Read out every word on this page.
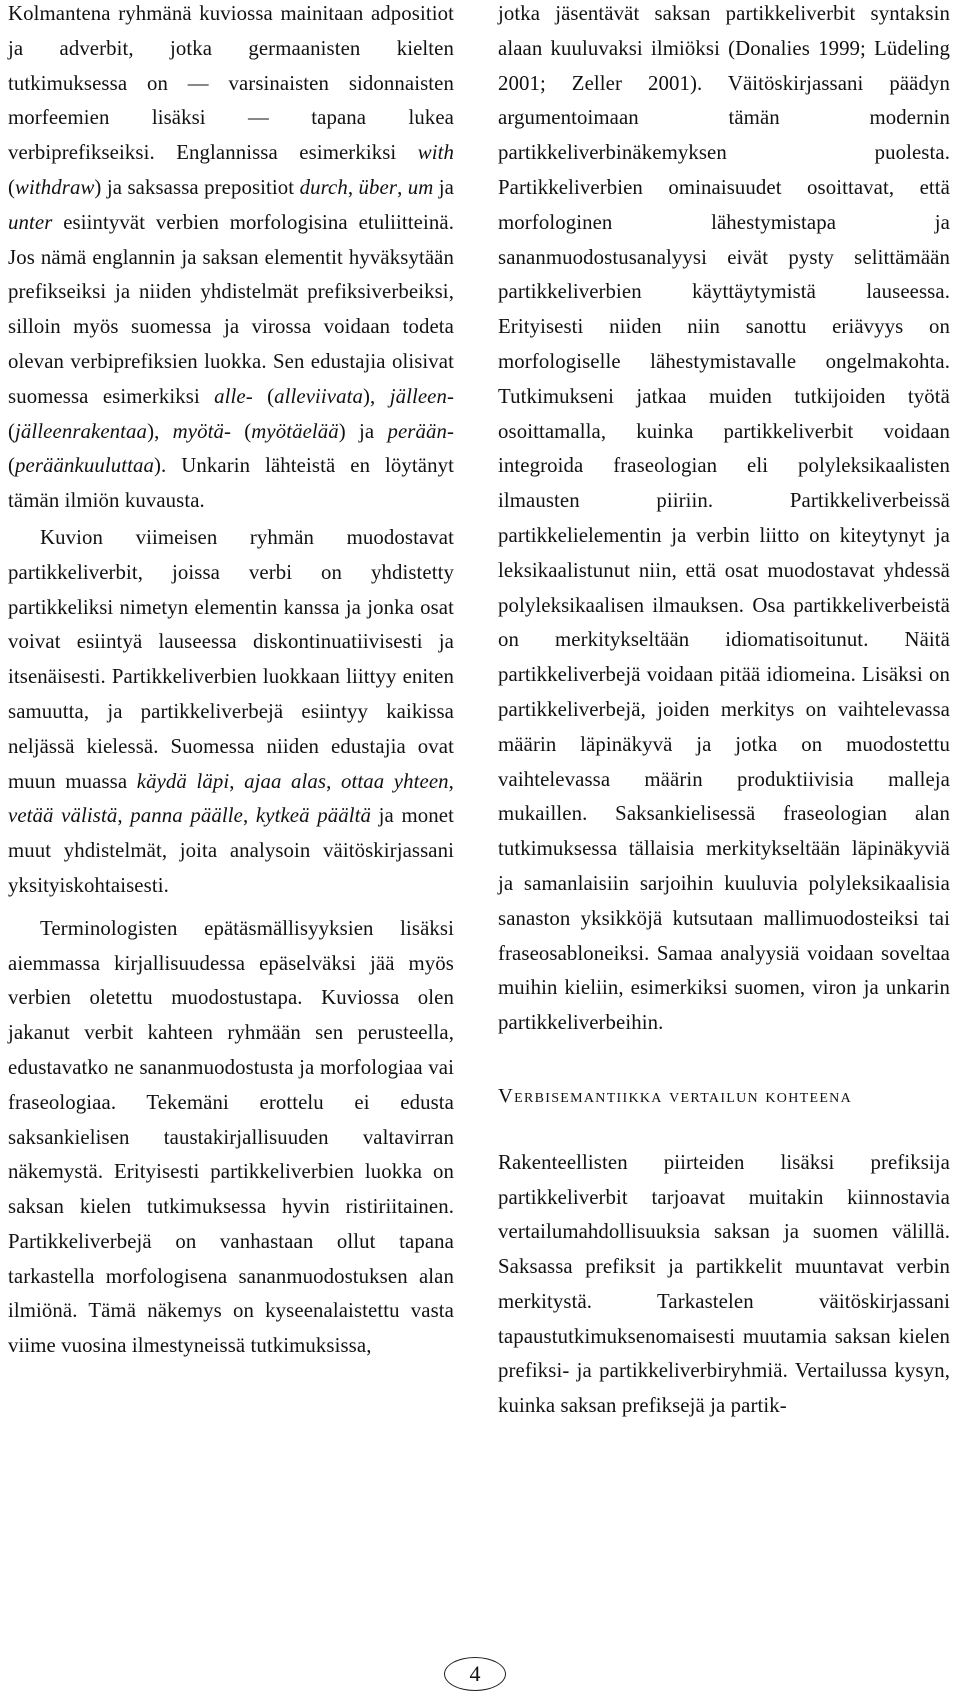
Kolmantena ryhmänä kuviossa mainitaan adpositiot ja adverbit, jotka germaanisten kielten tutkimuksessa on — varsinaisten sidonnaisten morfeemien lisäksi — tapana lukea verbiprefikseiksi. Englannissa esimerkiksi with (withdraw) ja saksassa prepositiot durch, über, um ja unter esiintyvät verbien morfologisina etuliitteinä. Jos nämä englannin ja saksan elementit hyväksytään prefikseiksi ja niiden yhdistelmät prefiksiverbeiksi, silloin myös suomessa ja virossa voidaan todeta olevan verbiprefiksien luokka. Sen edustajia olisivat suomessa esimerkiksi alle- (alleviivata), jälleen- (jälleenrakentaa), myötä- (myötäelää) ja perään- (peräänkuuluttaa). Unkarin lähteistä en löytänyt tämän ilmiön kuvausta.

Kuvion viimeisen ryhmän muodostavat partikkeliverbit, joissa verbi on yhdistetty partikkeliksi nimetyn elementin kanssa ja jonka osat voivat esiintyä lauseessa diskontinuatiivisesti ja itsenäisesti. Partikkeliverbien luokkaan liittyy eniten samuutta, ja partikkeliverbejä esiintyy kaikissa neljässä kielessä. Suomessa niiden edustajia ovat muun muassa käydä läpi, ajaa alas, ottaa yhteen, vetää välistä, panna päälle, kytkeä päältä ja monet muut yhdistelmät, joita analysoin väitöskirjassani yksityiskohtaisesti.

Terminologisten epätäsmällisyyksien lisäksi aiemmassa kirjallisuudessa epäselväksi jää myös verbien oletettu muodostustapa. Kuviossa olen jakanut verbit kahteen ryhmään sen perusteella, edustavatko ne sananmuodostusta ja morfologiaa vai fraseologiaa. Tekemäni erottelu ei edusta saksankielisen taustakirjallisuuden valtavirran näkemystä. Erityisesti partikkeliverbien luokka on saksan kielen tutkimuksessa hyvin ristiriitainen. Partikkeliverbejä on vanhastaan ollut tapana tarkastella morfologisena sananmuodostuksen alan ilmiönä. Tämä näkemys on kyseenalaistettu vasta viime vuosina ilmestyneissä tutkimuksissa,

jotka jäsentävät saksan partikkeliverbit syntaksin alaan kuuluvaksi ilmiöksi (Donalies 1999; Lüdeling 2001; Zeller 2001). Väitöskirjassani päädyn argumentoimaan tämän modernin partikkeliverbinäkemyksen puolesta. Partikkeliverbien ominaisuudet osoittavat, että morfologinen lähestymistapa ja sananmuodostusanalyysi eivät pysty selittämään partikkeliverbien käyttäytymistä lauseessa. Erityisesti niiden niin sanottu eriävyys on morfologiselle lähestymistavalle ongelmakohta. Tutkimukseni jatkaa muiden tutkijoiden työtä osoittamalla, kuinka partikkeliverbit voidaan integroida fraseologian eli polyleksikaalisten ilmausten piiriin. Partikkeliverbeissä partikkelielementin ja verbin liitto on kiteytynyt ja leksikaalistunut niin, että osat muodostavat yhdessä polyleksikaalisen ilmauksen. Osa partikkeliverbeistä on merkitykseltään idiomatisoitunut. Näitä partikkeliverbejä voidaan pitää idiomeina. Lisäksi on partikkeliverbejä, joiden merkitys on vaihtelevassa määrin läpinäkyvä ja jotka on muodostettu vaihtelevassa määrin produktiivisia malleja mukaillen. Saksankielisessä fraseologian alan tutkimuksessa tällaisia merkitykseltään läpinäkyviä ja samanlaisiin sarjoihin kuuluvia polyleksikaalisia sanaston yksikköjä kutsutaan mallimuodosteiksi tai fraseosabloneiksi. Samaa analyysiä voidaan soveltaa muihin kieliin, esimerkiksi suomen, viron ja unkarin partikkeliverbeihin.

Verbisemantiikka vertailun kohteena

Rakenteellisten piirteiden lisäksi prefiksija partikkeliverbit tarjoavat muitakin kiinnostavia vertailumahdollisuuksia saksan ja suomen välillä. Saksassa prefiksit ja partikkelit muuntavat verbin merkitystä. Tarkastelen väitöskirjassani tapaustutkimuksenomaisesti muutamia saksan kielen prefiksi- ja partikkeliverbiryhmiä. Vertailussa kysyn, kuinka saksan prefiksejä ja partik-

4
